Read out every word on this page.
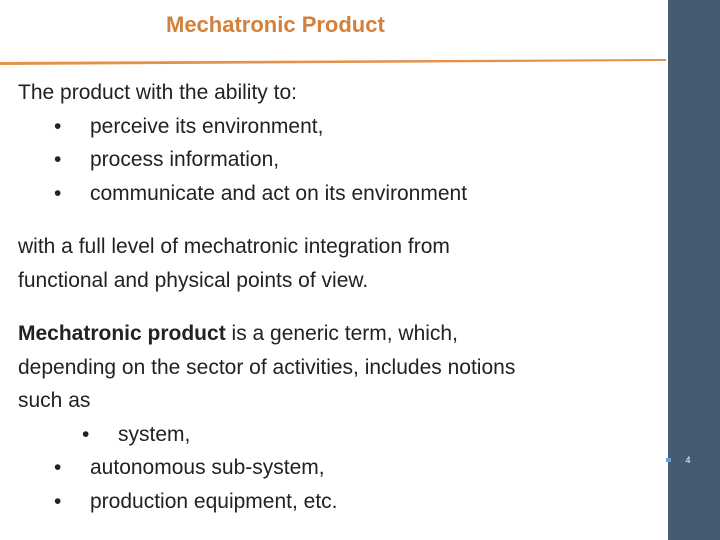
Mechatronic Product
4
The product with the ability to:
• perceive its environment,
• process information,
• communicate and act on its environment
with a full level of mechatronic integration from
functional and physical points of view.
Mechatronic product is a generic term, which,
depending on the sector of activities, includes notions
such as
• system,
• autonomous sub-system,
• production equipment, etc.
